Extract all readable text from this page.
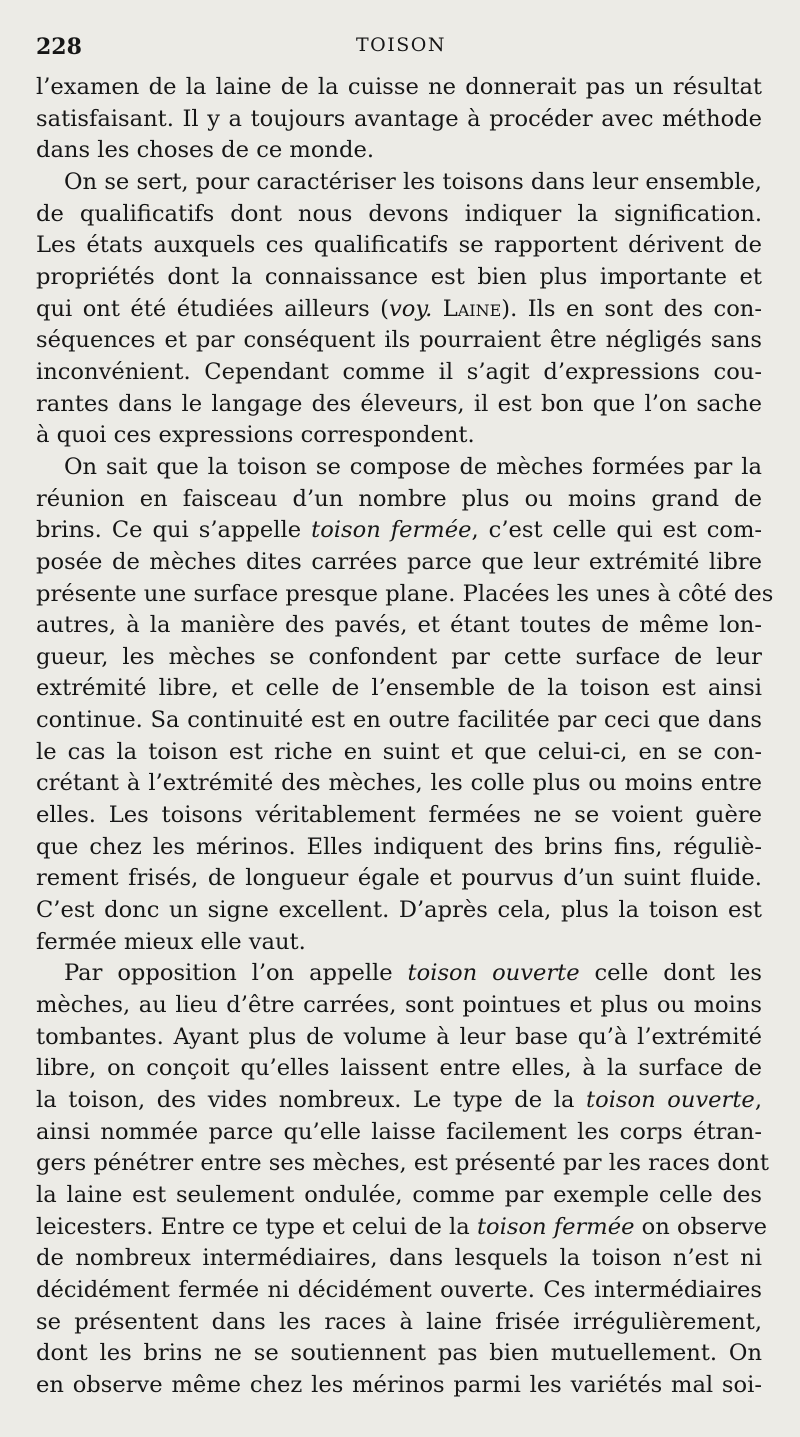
228	TOISON

l’examen de la laine de la cuisse ne donnerait pas un résultat
satisfaisant. Il y a toujours avantage à procéder avec méthode
dans les choses de ce monde.

On se sert, pour caractériser les toisons dans leur ensemble,
de qualificatifs dont nous devons indiquer la signification.
Les états auxquels ces qualificatifs se rapportent dérivent de
propriétés dont la connaissance est bien plus importante et
qui ont été étudiées ailleurs (voy. Laine). Ils en sont des con-
séquences et par conséquent ils pourraient être négligés sans
inconvénient. Cependant comme il s’agit d’expressions cou-
rantes dans le langage des éleveurs, il est bon que l’on sache
à quoi ces expressions correspondent.

On sait que la toison se compose de mèches formées par la
réunion en faisceau d’un nombre plus ou moins grand de
brins. Ce qui s’appelle toison fermée, c’est celle qui est com-
posée de mèches dites carrées parce que leur extrémité libre
présente une surface presque plane. Placées les unes à côté des
autres, à la manière des pavés, et étant toutes de même lon-
gueur, les mèches se confondent par cette surface de leur
extrémité libre, et celle de l’ensemble de la toison est ainsi
continue. Sa continuité est en outre facilitée par ceci que dans
le cas la toison est riche en suint et que celui-ci, en se con-
crétant à l’extrémité des mèches, les colle plus ou moins entre
elles. Les toisons véritablement fermées ne se voient guère
que chez les mérinos. Elles indiquent des brins fins, réguliè-
rement frisés, de longueur égale et pourvus d’un suint fluide.
C’est donc un signe excellent. D’après cela, plus la toison est
fermée mieux elle vaut.

Par opposition l’on appelle toison ouverte celle dont les
mèches, au lieu d’être carrées, sont pointues et plus ou moins
tombantes. Ayant plus de volume à leur base qu’à l’extrémité
libre, on conçoit qu’elles laissent entre elles, à la surface de
la toison, des vides nombreux. Le type de la toison ouverte,
ainsi nommée parce qu’elle laisse facilement les corps étran-
gers pénétrer entre ses mèches, est présenté par les races dont
la laine est seulement ondulée, comme par exemple celle des
leicesters. Entre ce type et celui de la toison fermée on observe
de nombreux intermédiaires, dans lesquels la toison n’est ni
décidément fermée ni décidément ouverte. Ces intermédiaires
se présentent dans les races à laine frisée irrégulièrement,
dont les brins ne se soutiennent pas bien mutuellement. On
en observe même chez les mérinos parmi les variétés mal soi-
